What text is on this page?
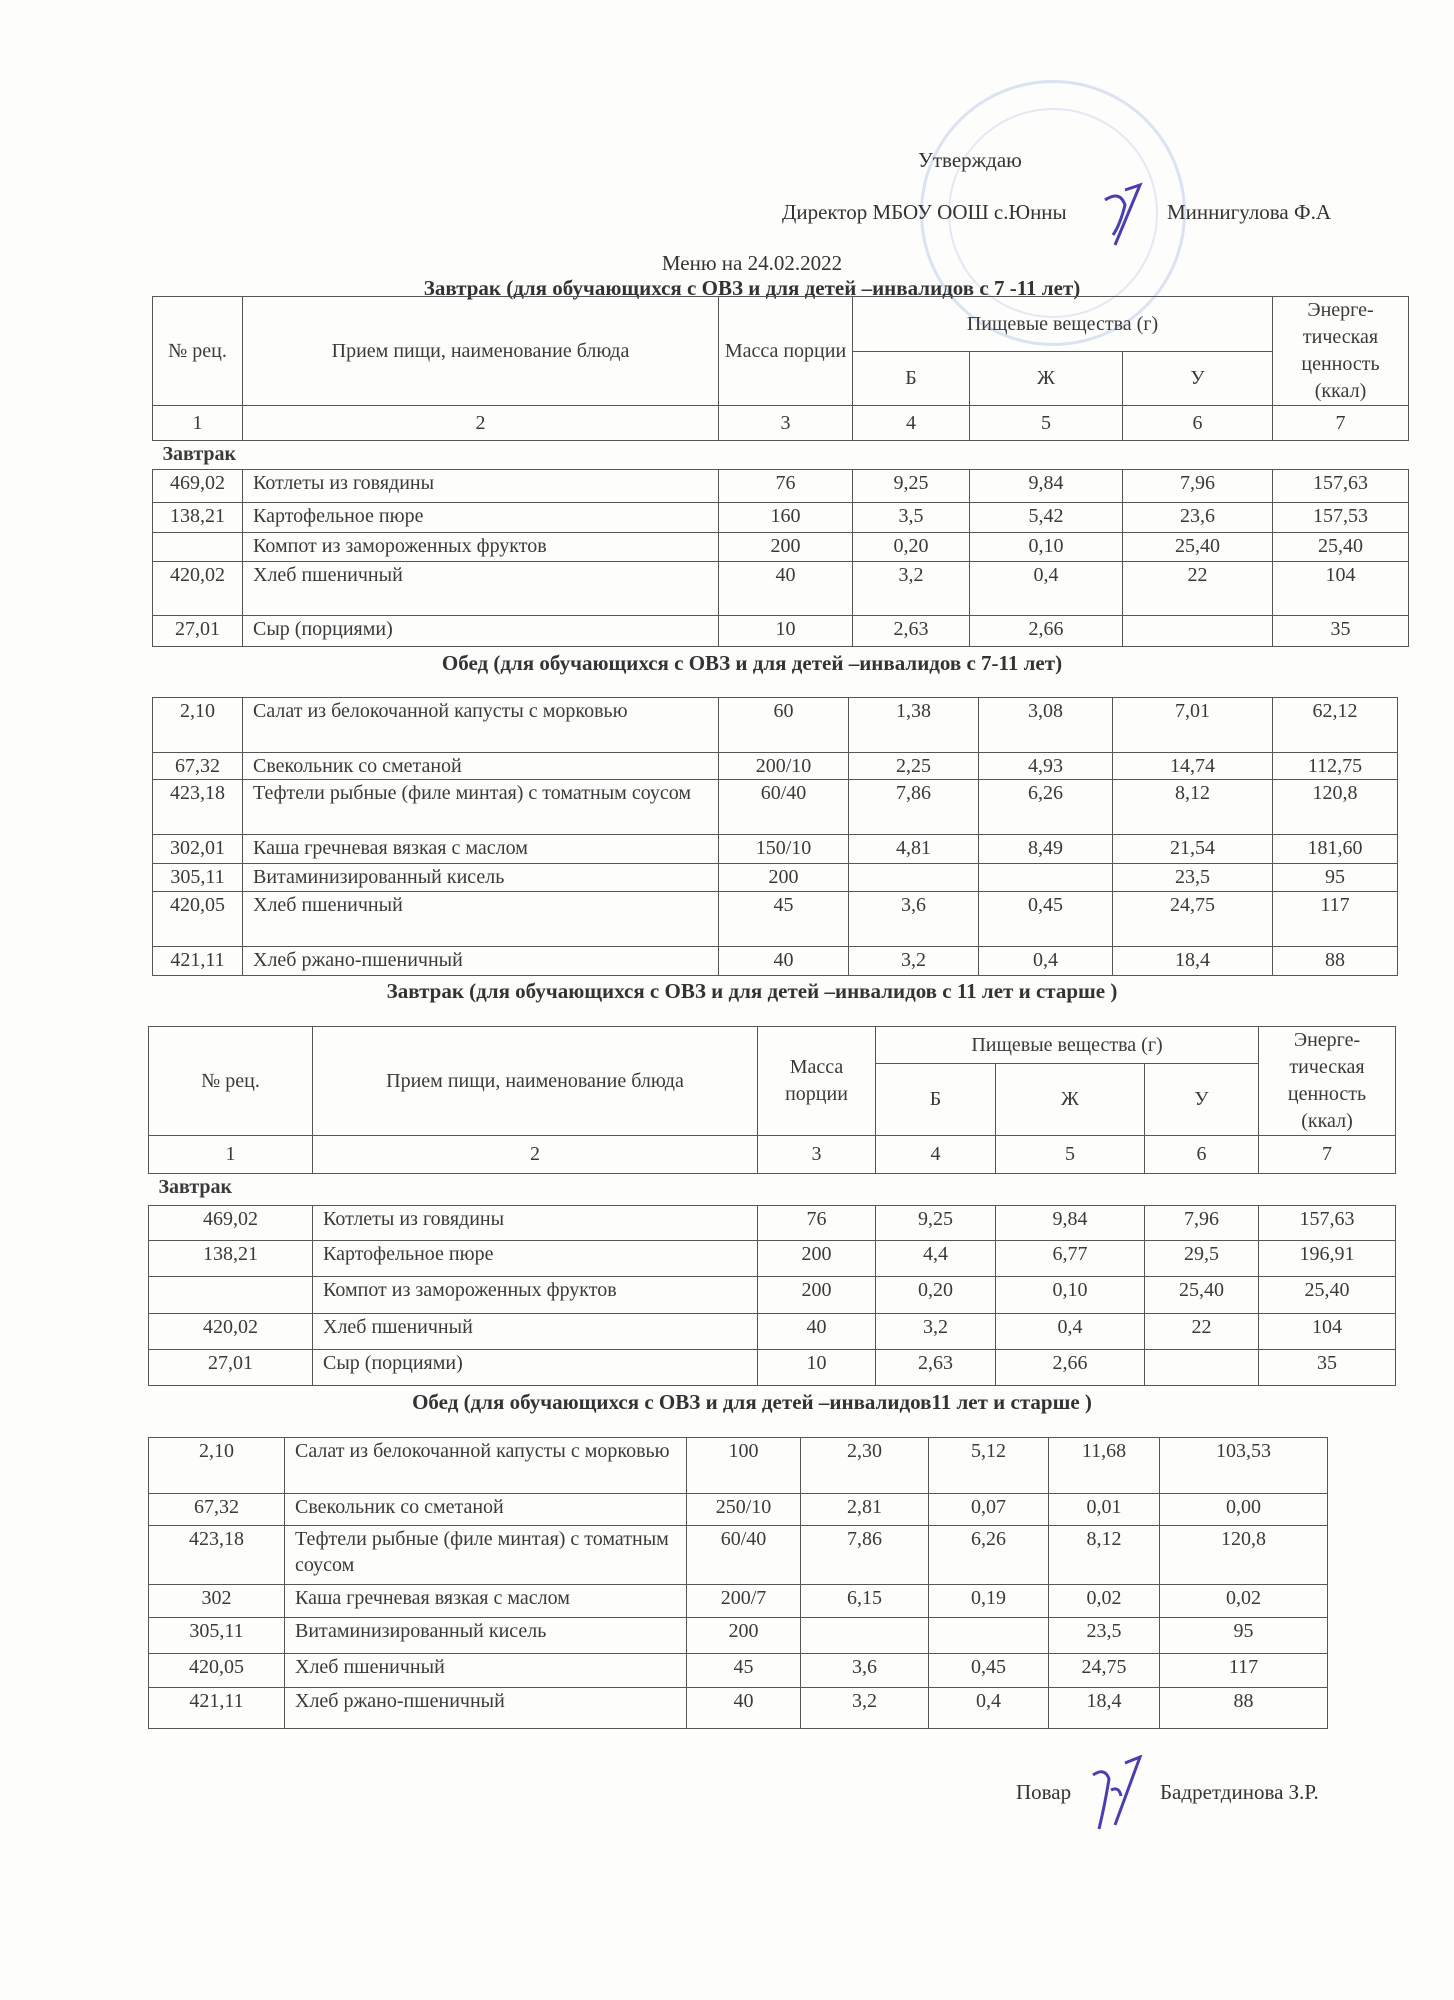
Утверждаю
Директор МБОУ ООШ с.Юнны	Миннигулова Ф.А
Меню на 24.02.2022
Завтрак (для обучающихся с ОВЗ и для детей –инвалидов с 7 -11 лет)
№ рец.	Прием пищи, наименование блюда	Масса порции	Пищевые вещества (г)			Энерге-тическая ценность (ккал)
			Б	Ж	У	
1	2	3	4	5	6	7
Завтрак						
469,02	Котлеты из говядины	76	9,25	9,84	7,96	157,63
138,21	Картофельное пюре	160	3,5	5,42	23,6	157,53
	Компот из замороженных фруктов	200	0,20	0,10	25,40	25,40
420,02	Хлеб пшеничный	40	3,2	0,4	22	104
27,01	Сыр (порциями)	10	2,63	2,66		35
Обед (для обучающихся с ОВЗ и для детей –инвалидов с 7-11 лет)
2,10	Салат из белокочанной капусты с морковью	60	1,38	3,08	7,01	62,12
67,32	Свекольник со сметаной	200/10	2,25	4,93	14,74	112,75
423,18	Тефтели рыбные (филе минтая) с томатным соусом	60/40	7,86	6,26	8,12	120,8
302,01	Каша гречневая вязкая с маслом	150/10	4,81	8,49	21,54	181,60
305,11	Витаминизированный кисель	200			23,5	95
420,05	Хлеб пшеничный	45	3,6	0,45	24,75	117
421,11	Хлеб ржано-пшеничный	40	3,2	0,4	18,4	88
Завтрак (для обучающихся с ОВЗ и для детей –инвалидов с 11 лет и старше )
№ рец.	Прием пищи, наименование блюда	Масса порции	Пищевые вещества (г)			Энерге-тическая ценность (ккал)
			Б	Ж	У	
1	2	3	4	5	6	7
Завтрак						
469,02	Котлеты из говядины	76	9,25	9,84	7,96	157,63
138,21	Картофельное пюре	200	4,4	6,77	29,5	196,91
	Компот из замороженных фруктов	200	0,20	0,10	25,40	25,40
420,02	Хлеб пшеничный	40	3,2	0,4	22	104
27,01	Сыр (порциями)	10	2,63	2,66		35
Обед (для обучающихся с ОВЗ и для детей –инвалидов11 лет и старше )
2,10	Салат из белокочанной капусты с морковью	100	2,30	5,12	11,68	103,53
67,32	Свекольник со сметаной	250/10	2,81	0,07	0,01	0,00
423,18	Тефтели рыбные (филе минтая) с томатным соусом	60/40	7,86	6,26	8,12	120,8
302	Каша гречневая вязкая с маслом	200/7	6,15	0,19	0,02	0,02
305,11	Витаминизированный кисель	200			23,5	95
420,05	Хлеб пшеничный	45	3,6	0,45	24,75	117
421,11	Хлеб ржано-пшеничный	40	3,2	0,4	18,4	88
Повар	Бадретдинова З.Р.
